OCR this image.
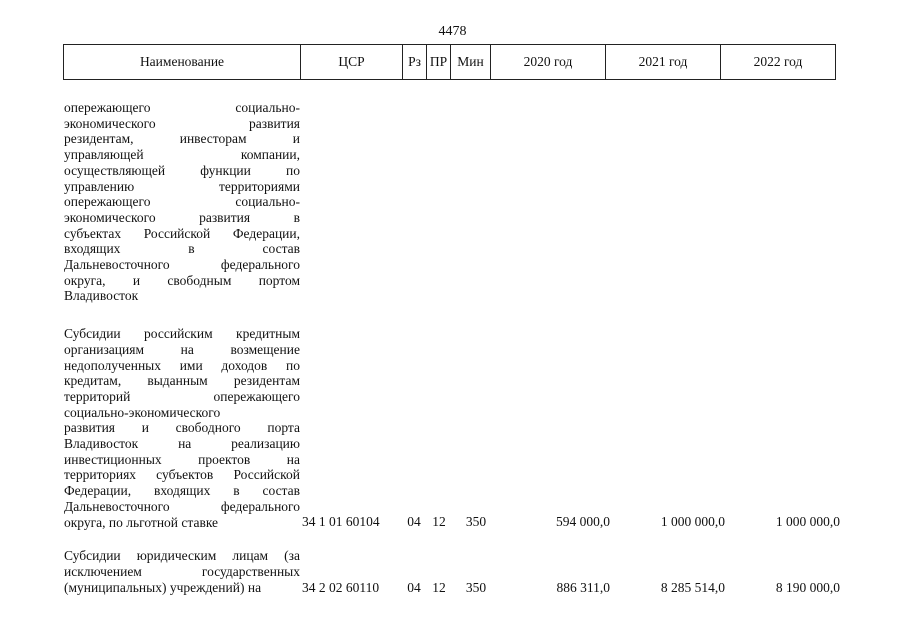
4478
Наименование	ЦСР	Рз	ПР	Мин	2020 год	2021 год	2022 год
опережающего социально-
экономического развития
резидентам, инвесторам и
управляющей компании,
осуществляющей функции по
управлению территориями
опережающего социально-
экономического развития в
субъектах Российской Федерации,
входящих в состав
Дальневосточного федерального
округа, и свободным портом
Владивосток
Субсидии российским кредитным
организациям на возмещение
недополученных ими доходов по
кредитам, выданным резидентам
территорий опережающего
социально-экономического
развития и свободного порта
Владивосток на реализацию
инвестиционных проектов на
территориях субъектов Российской
Федерации, входящих в состав
Дальневосточного федерального
округа, по льготной ставке	34 1 01 60104	04 12	350	594 000,0	1 000 000,0	1 000 000,0
Субсидии юридическим лицам (за
исключением государственных
(муниципальных) учреждений) на	34 2 02 60110	04 12	350	886 311,0	8 285 514,0	8 190 000,0
